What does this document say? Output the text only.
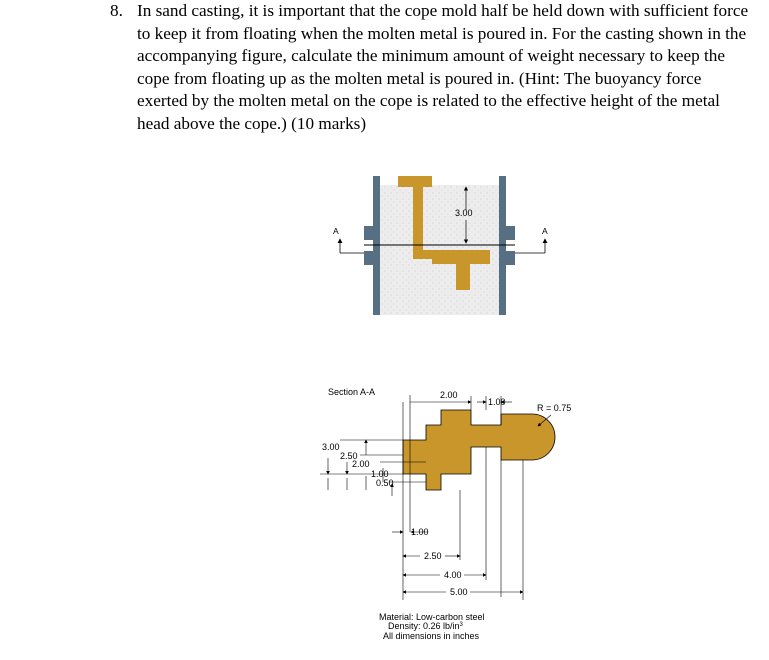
8. In sand casting, it is important that the cope mold half be held down with sufficient force
to keep it from floating when the molten metal is poured in. For the casting shown in the
accompanying figure, calculate the minimum amount of weight necessary to keep the
cope from floating up as the molten metal is poured in. (Hint: The buoyancy force
exerted by the molten metal on the cope is related to the effective height of the metal
head above the cope.) (10 marks)
3.00
A	A
Section A-A	2.00
1.00
R = 0.75
3.00
2.50
2.00
1.00
0.50
1.00
2.50
4.00
5.00
Material: Low-carbon steel
Density: 0.26 $lb/in^3$
All dimensions in inches
